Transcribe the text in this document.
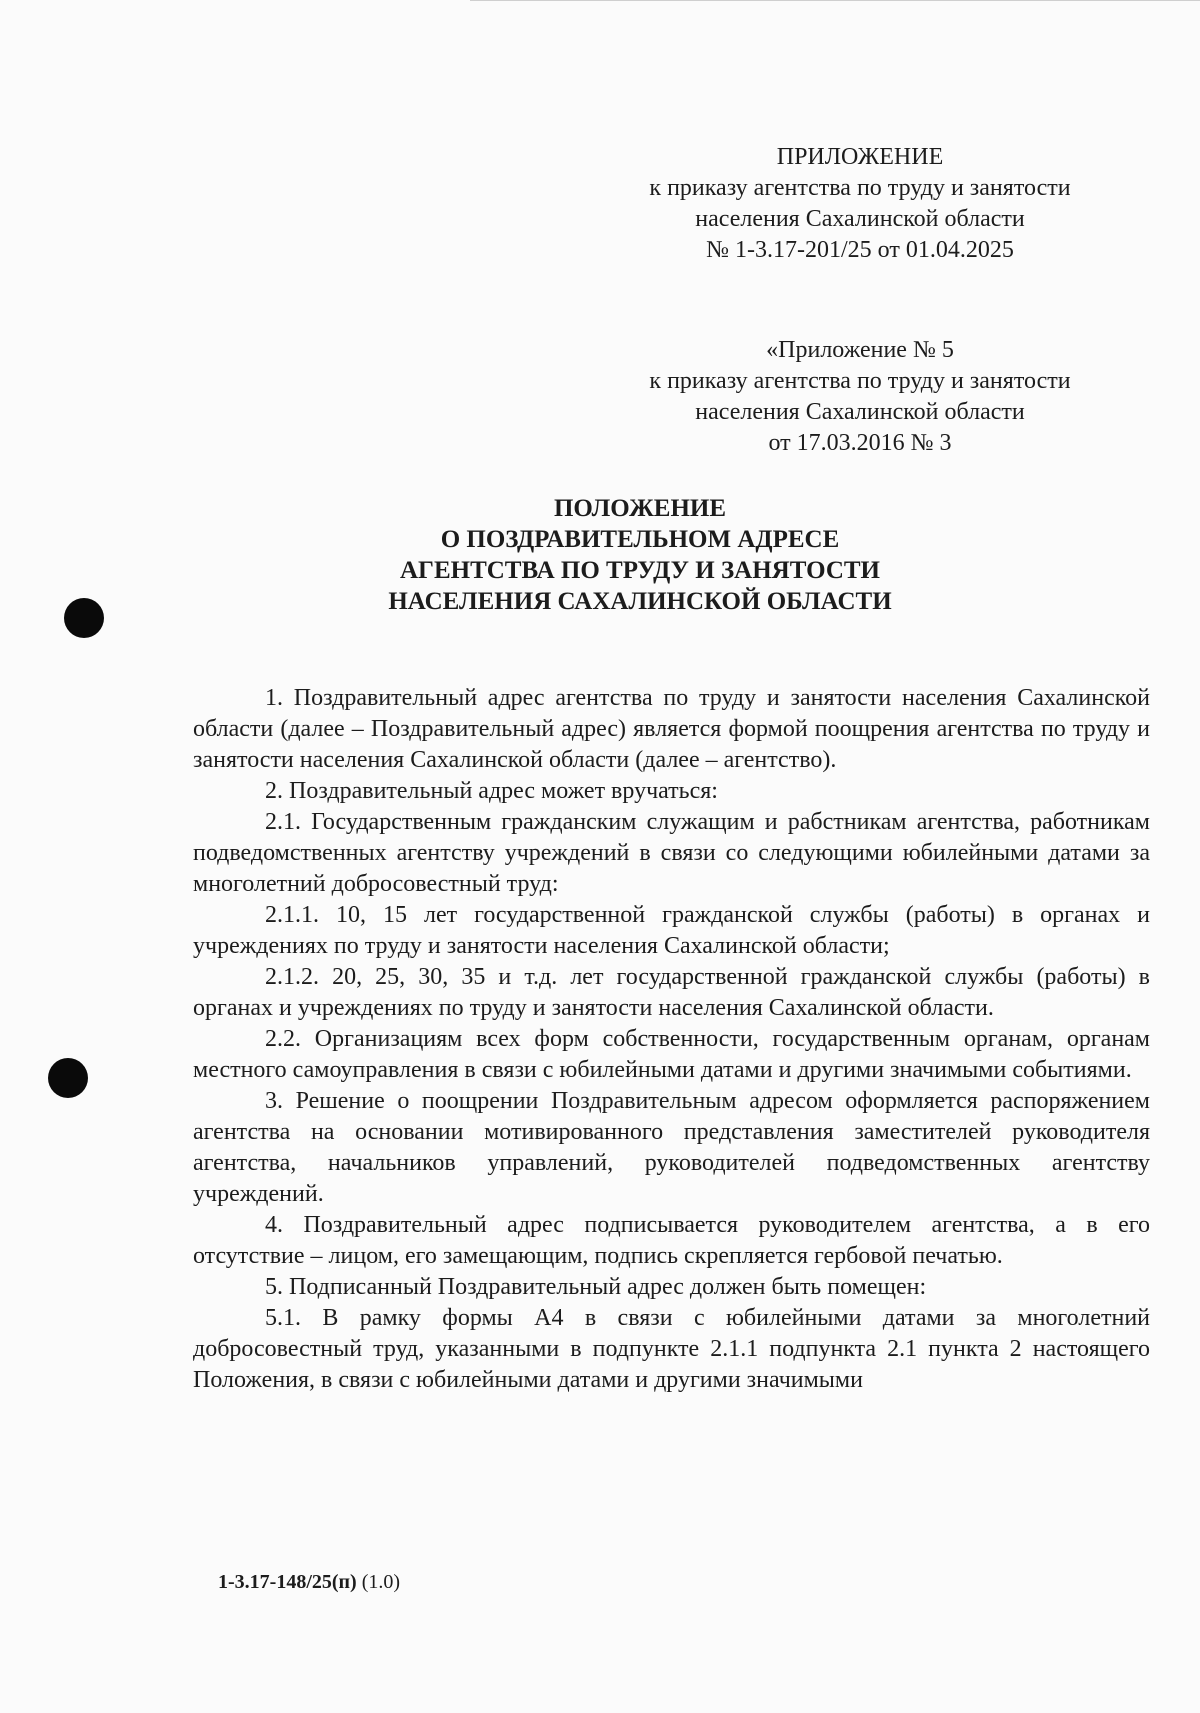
ПРИЛОЖЕНИЕ
к приказу агентства по труду и занятости
населения Сахалинской области
№ 1-3.17-201/25 от 01.04.2025
«Приложение № 5
к приказу агентства по труду и занятости
населения Сахалинской области
от 17.03.2016 № 3
ПОЛОЖЕНИЕ
О ПОЗДРАВИТЕЛЬНОМ АДРЕСЕ
АГЕНТСТВА ПО ТРУДУ И ЗАНЯТОСТИ
НАСЕЛЕНИЯ САХАЛИНСКОЙ ОБЛАСТИ

1. Поздравительный адрес агентства по труду и занятости населения Сахалинской области (далее – Поздравительный адрес) является формой поощрения агентства по труду и занятости населения Сахалинской области (далее – агентство).

2. Поздравительный адрес может вручаться:

2.1. Государственным гражданским служащим и рабстникам агентства, работникам подведомственных агентству учреждений в связи со следующими юбилейными датами за многолетний добросовестный труд:

2.1.1. 10, 15 лет государственной гражданской службы (работы) в органах и учреждениях по труду и занятости населения Сахалинской области;

2.1.2. 20, 25, 30, 35 и т.д. лет государственной гражданской службы (работы) в органах и учреждениях по труду и занятости населения Сахалинской области.

2.2. Организациям всех форм собственности, государственным органам, органам местного самоуправления в связи с юбилейными датами и другими значимыми событиями.

3. Решение о поощрении Поздравительным адресом оформляется распоряжением агентства на основании мотивированного представления заместителей руководителя агентства, начальников управлений, руководителей подведомственных агентству учреждений.

4. Поздравительный адрес подписывается руководителем агентства, а в его отсутствие – лицом, его замещающим, подпись скрепляется гербовой печатью.

5. Подписанный Поздравительный адрес должен быть помещен:

5.1. В рамку формы А4 в связи с юбилейными датами за многолетний добросовестный труд, указанными в подпункте 2.1.1 подпункта 2.1 пункта 2 настоящего Положения, в связи с юбилейными датами и другими значимыми

1-3.17-148/25(п) (1.0)
